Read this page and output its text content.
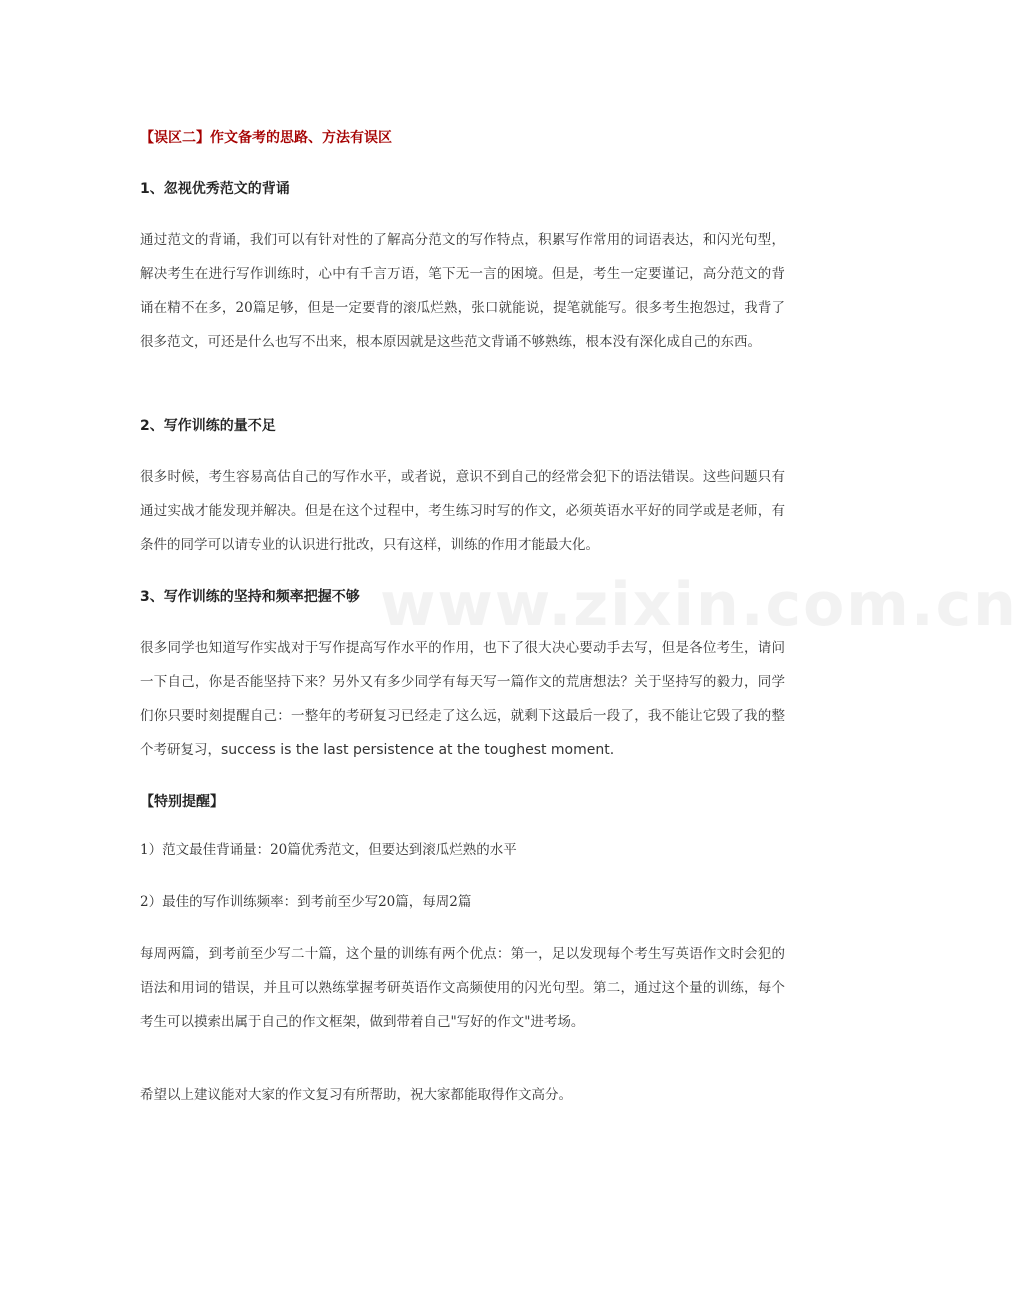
www.zixin.com.cn

【误区二】作文备考的思路、方法有误区

1、忽视优秀范文的背诵

通过范文的背诵，我们可以有针对性的了解高分范文的写作特点，积累写作常用的词语表达，和闪光句型，解决考生在进行写作训练时，心中有千言万语，笔下无一言的困境。但是，考生一定要谨记，高分范文的背诵在精不在多，20篇足够，但是一定要背的滚瓜烂熟，张口就能说，提笔就能写。很多考生抱怨过，我背了很多范文，可还是什么也写不出来，根本原因就是这些范文背诵不够熟练，根本没有深化成自己的东西。

2、写作训练的量不足

很多时候，考生容易高估自己的写作水平，或者说，意识不到自己的经常会犯下的语法错误。这些问题只有通过实战才能发现并解决。但是在这个过程中，考生练习时写的作文，必须英语水平好的同学或是老师，有条件的同学可以请专业的认识进行批改，只有这样，训练的作用才能最大化。

3、写作训练的坚持和频率把握不够

很多同学也知道写作实战对于写作提高写作水平的作用，也下了很大决心要动手去写，但是各位考生，请问一下自己，你是否能坚持下来？另外又有多少同学有每天写一篇作文的荒唐想法？关于坚持写的毅力，同学们你只要时刻提醒自己：一整年的考研复习已经走了这么远，就剩下这最后一段了，我不能让它毁了我的整个考研复习，success is the last persistence at the toughest moment.

【特别提醒】

1）范文最佳背诵量：20篇优秀范文，但要达到滚瓜烂熟的水平

2）最佳的写作训练频率：到考前至少写20篇，每周2篇

每周两篇，到考前至少写二十篇，这个量的训练有两个优点：第一，足以发现每个考生写英语作文时会犯的语法和用词的错误，并且可以熟练掌握考研英语作文高频使用的闪光句型。第二，通过这个量的训练，每个考生可以摸索出属于自己的作文框架，做到带着自己"写好的作文"进考场。

希望以上建议能对大家的作文复习有所帮助，祝大家都能取得作文高分。
